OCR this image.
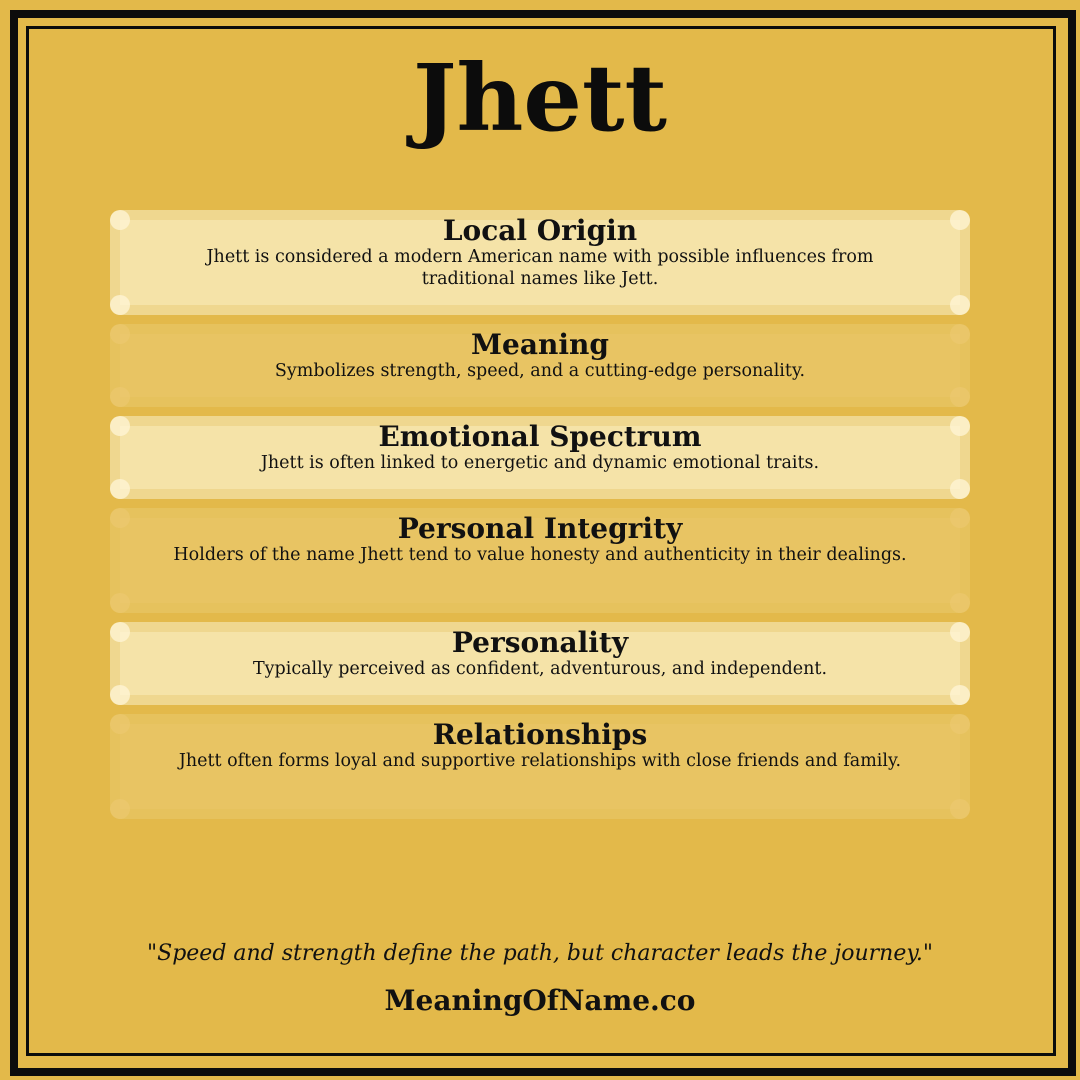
Jhett
Local Origin

Jhett is considered a modern American name with possible influences from traditional names like Jett.

Meaning

Symbolizes strength, speed, and a cutting-edge personality.

Emotional Spectrum

Jhett is often linked to energetic and dynamic emotional traits.

Personal Integrity

Holders of the name Jhett tend to value honesty and authenticity in their dealings.

Personality

Typically perceived as confident, adventurous, and independent.

Relationships

Jhett often forms loyal and supportive relationships with close friends and family.

"Speed and strength define the path, but character leads the journey."

MeaningOfName.co
